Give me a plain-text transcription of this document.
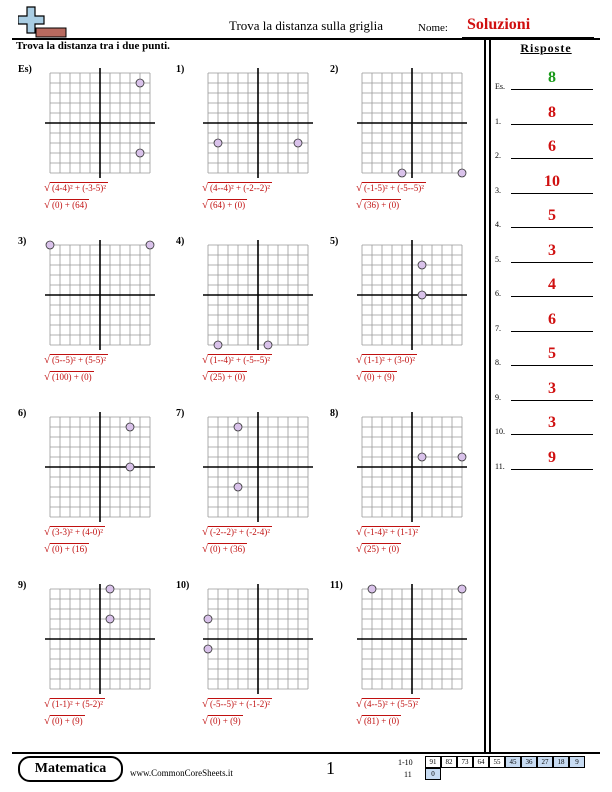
Trova la distanza sulla griglia	Nome: Soluzioni
Trova la distanza tra i due punti.	Risposte
Es.
8
1.
8
2.
6
3.
10
4.
5
5.
3
6.
4
7.
6
8.
5
9.
3
10.
3
11.
9
Es)
√ (4-4)² + (-3-5)²
√ (0) + (64)
1)
√ (4--4)² + (-2--2)²
√ (64) + (0)
2)
√ (-1-5)² + (-5--5)²
√ (36) + (0)
3)
√ (5--5)² + (5-5)²
√ (100) + (0)
4)
√ (1--4)² + (-5--5)²
√ (25) + (0)
5)
√ (1-1)² + (3-0)²
√ (0) + (9)
6)
√ (3-3)² + (4-0)²
√ (0) + (16)
7)
√ (-2--2)² + (-2-4)²
√ (0) + (36)
8)
√ (-1-4)² + (1-1)²
√ (25) + (0)
9)
√ (1-1)² + (5-2)²
√ (0) + (9)
10)
√ (-5--5)² + (-1-2)²
√ (0) + (9)
11)
√ (4--5)² + (5-5)²
√ (81) + (0)
Matematica	www.CommonCoreSheets.it	1	1-10
11
91	82	73	64	55	45	36	27	18	9
0
